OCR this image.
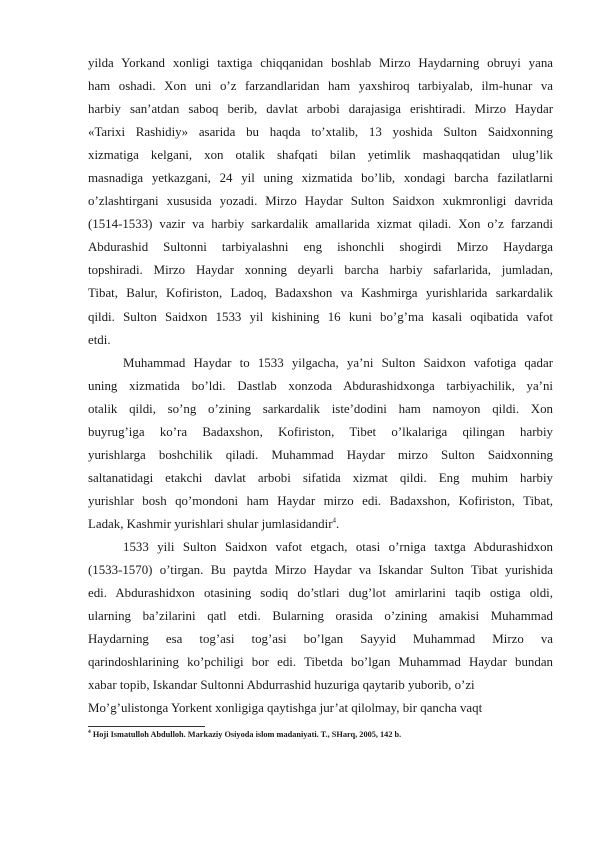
yilda Yorkand xonligi taxtiga chiqqanidan boshlab Mirzo Haydarning obruyi yana
ham oshadi. Xon uni o’z farzandlaridan ham yaxshiroq tarbiyalab, ilm-hunar va
harbiy san’atdan saboq berib, davlat arbobi darajasiga erishtiradi. Mirzo Haydar
«Tarixi Rashidiy» asarida bu haqda to’xtalib, 13 yoshida Sulton Saidxonning
xizmatiga kelgani, xon otalik shafqati bilan yetimlik mashaqqatidan ulug’lik
masnadiga yetkazgani, 24 yil uning xizmatida bo’lib, xondagi barcha fazilatlarni
o’zlashtirgani xususida yozadi. Mirzo Haydar Sulton Saidxon xukmronligi davrida
(1514-1533) vazir va harbiy sarkardalik amallarida xizmat qiladi. Xon o’z farzandi
Abdurashid Sultonni tarbiyalashni eng ishonchli shogirdi Mirzo Haydarga
topshiradi. Mirzo Haydar xonning deyarli barcha harbiy safarlarida, jumladan,
Tibat, Balur, Kofiriston, Ladoq, Badaxshon va Kashmirga yurishlarida sarkardalik
qildi. Sulton Saidxon 1533 yil kishining 16 kuni bo’g’ma kasali oqibatida vafot
etdi.
Muhammad Haydar to 1533 yilgacha, ya’ni Sulton Saidxon vafotiga qadar
uning xizmatida bo’ldi. Dastlab xonzoda Abdurashidxonga tarbiyachilik, ya’ni
otalik qildi, so’ng o’zining sarkardalik iste’dodini ham namoyon qildi. Xon
buyrug’iga ko’ra Badaxshon, Kofiriston, Tibet o’lkalariga qilingan harbiy
yurishlarga boshchilik qiladi. Muhammad Haydar mirzo Sulton Saidxonning
saltanatidagi etakchi davlat arbobi sifatida xizmat qildi. Eng muhim harbiy
yurishlar bosh qo’mondoni ham Haydar mirzo edi. Badaxshon, Kofiriston, Tibat,
Ladak, Kashmir yurishlari shular jumlasidandir$^4$.
1533 yili Sulton Saidxon vafot etgach, otasi o’rniga taxtga Abdurashidxon
(1533-1570) o’tirgan. Bu paytda Mirzo Haydar va Iskandar Sulton Tibat yurishida
edi. Abdurashidxon otasining sodiq do’stlari dug’lot amirlarini taqib ostiga oldi,
ularning ba’zilarini qatl etdi. Bularning orasida o’zining amakisi Muhammad
Haydarning esa tog’asi tog’asi bo’lgan Sayyid Muhammad Mirzo va
qarindoshlarining ko’pchiligi bor edi. Tibetda bo’lgan Muhammad Haydar bundan
xabar topib, Iskandar Sultonni Abdurrashid huzuriga qaytarib yuborib, o’zi
Mo’g’ulistonga Yorkent xonligiga qaytishga jur’at qilolmay, bir qancha vaqt
$^4$ Hoji Ismatulloh Abdulloh. Markaziy Osiyoda islom madaniyati. T., SHarq, 2005, 142 b.
